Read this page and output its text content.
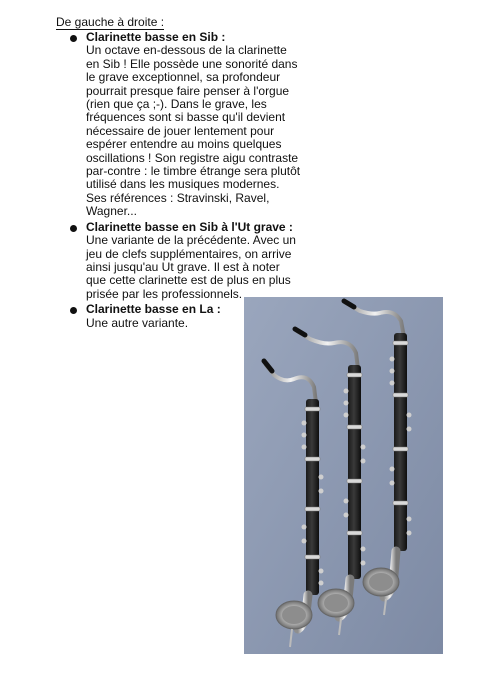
De gauche à droite :
Clarinette basse en Sib :
Un octave en-dessous de la clarinette en Sib ! Elle possède une sonorité dans le grave exceptionnel, sa profondeur pourrait presque faire penser à l'orgue (rien que ça ;-). Dans le grave, les fréquences sont si basse qu'il devient nécessaire de jouer lentement pour espérer entendre au moins quelques oscillations ! Son registre aigu contraste par-contre : le timbre étrange sera plutôt utilisé dans les musiques modernes. Ses références : Stravinski, Ravel, Wagner...
Clarinette basse en Sib à l'Ut grave :
Une variante de la précédente. Avec un jeu de clefs supplémentaires, on arrive ainsi jusqu'au Ut grave. Il est à noter que cette clarinette est de plus en plus prisée par les professionnels.
Clarinette basse en La :
Une autre variante.
